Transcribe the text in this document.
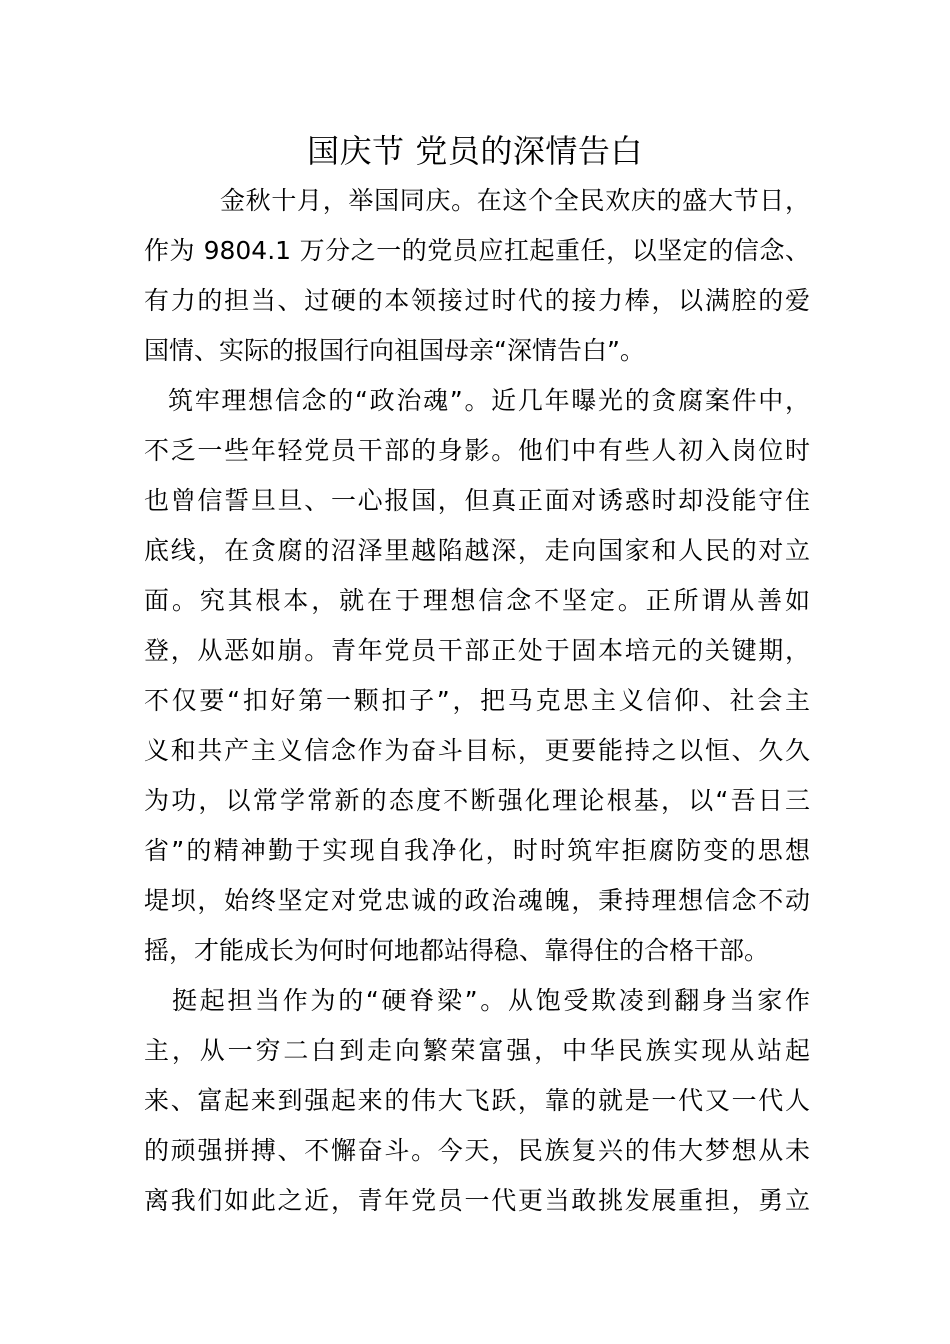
国庆节 党员的深情告白
金秋十月，举国同庆。在这个全民欢庆的盛大节日，
作为 9804.1 万分之一的党员应扛起重任，以坚定的信念、
有力的担当、过硬的本领接过时代的接力棒，以满腔的爱
国情、实际的报国行向祖国母亲“深情告白”。
筑牢理想信念的“政治魂”。近几年曝光的贪腐案件中，
不乏一些年轻党员干部的身影。他们中有些人初入岗位时
也曾信誓旦旦、一心报国，但真正面对诱惑时却没能守住
底线，在贪腐的沼泽里越陷越深，走向国家和人民的对立
面。究其根本，就在于理想信念不坚定。正所谓从善如
登，从恶如崩。青年党员干部正处于固本培元的关键期，
不仅要“扣好第一颗扣子”，把马克思主义信仰、社会主
义和共产主义信念作为奋斗目标，更要能持之以恒、久久
为功，以常学常新的态度不断强化理论根基，以“吾日三
省”的精神勤于实现自我净化，时时筑牢拒腐防变的思想
堤坝，始终坚定对党忠诚的政治魂魄，秉持理想信念不动
摇，才能成长为何时何地都站得稳、靠得住的合格干部。
挺起担当作为的“硬脊梁”。从饱受欺凌到翻身当家作
主，从一穷二白到走向繁荣富强，中华民族实现从站起
来、富起来到强起来的伟大飞跃，靠的就是一代又一代人
的顽强拼搏、不懈奋斗。今天，民族复兴的伟大梦想从未
离我们如此之近，青年党员一代更当敢挑发展重担，勇立
